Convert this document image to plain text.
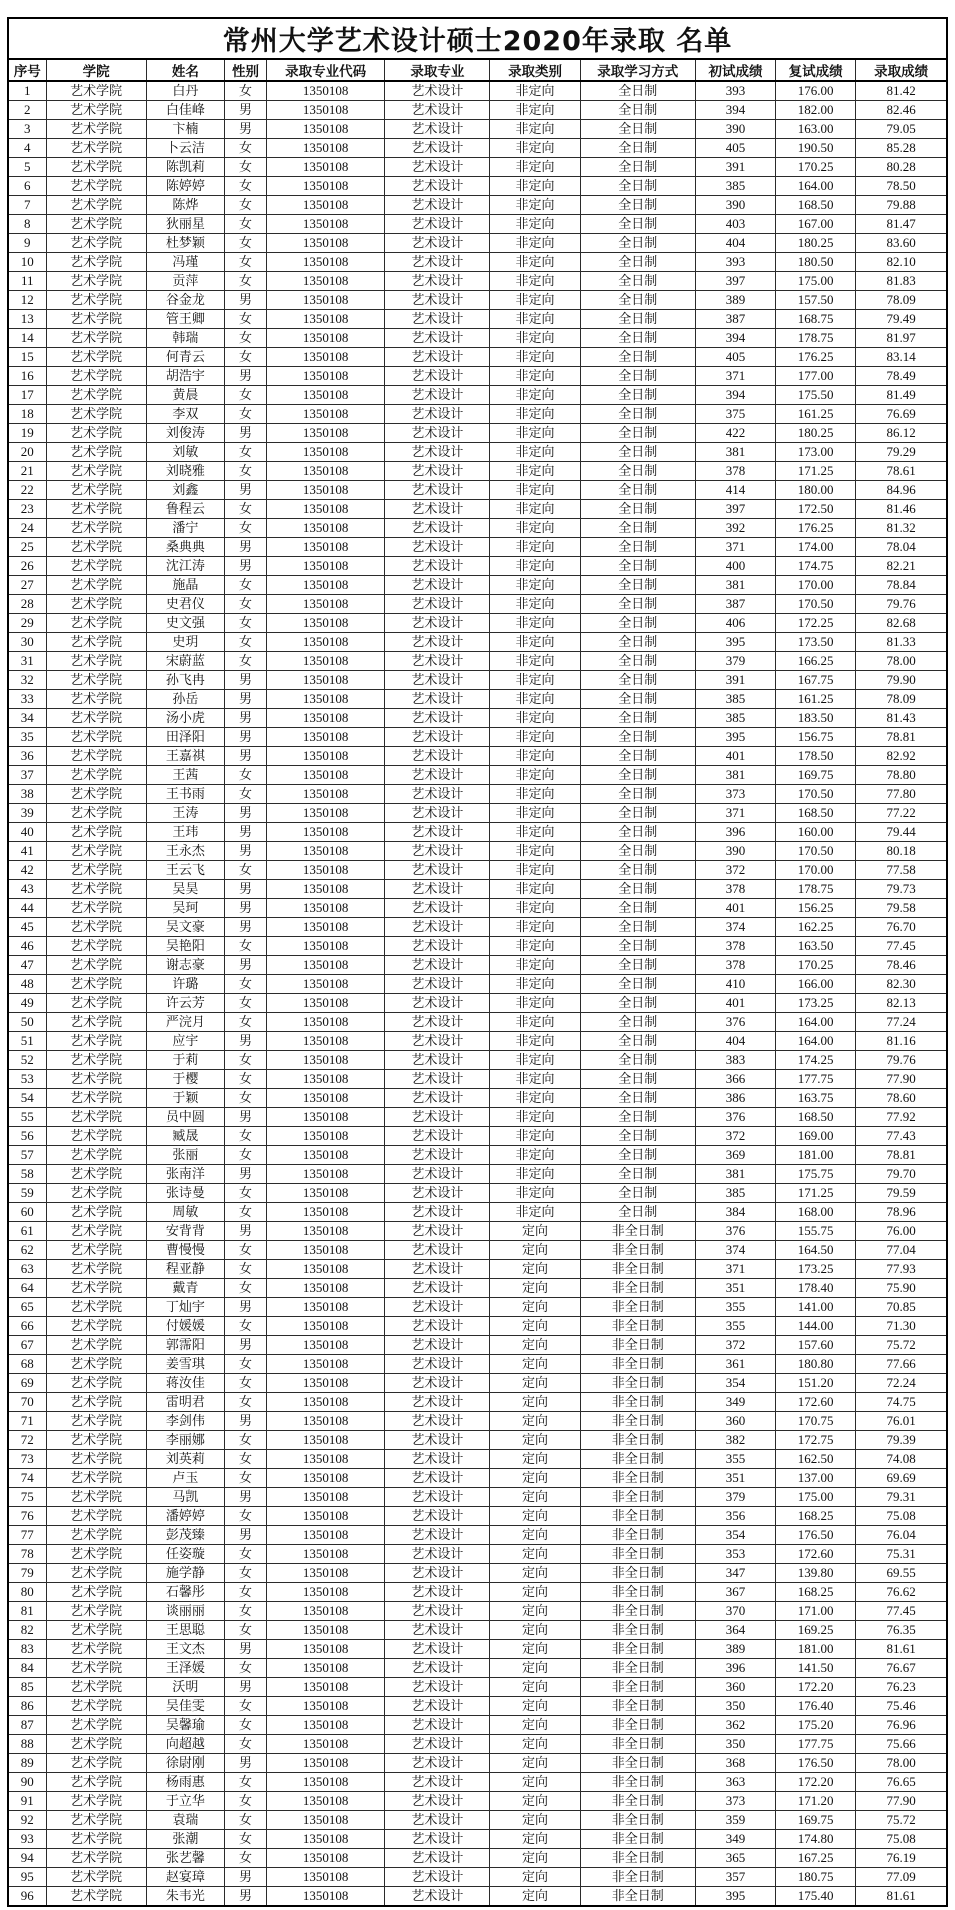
常州大学艺术设计硕士2020年录取 名单										
序号	学院	姓名	性别	录取专业代码	录取专业	录取类别	录取学习方式	初试成绩	复试成绩	录取成绩
1	艺术学院	白丹	女	1350108	艺术设计	非定向	全日制	393	176.00	81.42
2	艺术学院	白佳峰	男	1350108	艺术设计	非定向	全日制	394	182.00	82.46
3	艺术学院	卞楠	男	1350108	艺术设计	非定向	全日制	390	163.00	79.05
4	艺术学院	卜云洁	女	1350108	艺术设计	非定向	全日制	405	190.50	85.28
5	艺术学院	陈凯莉	女	1350108	艺术设计	非定向	全日制	391	170.25	80.28
6	艺术学院	陈婷婷	女	1350108	艺术设计	非定向	全日制	385	164.00	78.50
7	艺术学院	陈烨	女	1350108	艺术设计	非定向	全日制	390	168.50	79.88
8	艺术学院	狄丽星	女	1350108	艺术设计	非定向	全日制	403	167.00	81.47
9	艺术学院	杜梦颖	女	1350108	艺术设计	非定向	全日制	404	180.25	83.60
10	艺术学院	冯瑾	女	1350108	艺术设计	非定向	全日制	393	180.50	82.10
11	艺术学院	贡萍	女	1350108	艺术设计	非定向	全日制	397	175.00	81.83
12	艺术学院	谷金龙	男	1350108	艺术设计	非定向	全日制	389	157.50	78.09
13	艺术学院	管王卿	女	1350108	艺术设计	非定向	全日制	387	168.75	79.49
14	艺术学院	韩瑞	女	1350108	艺术设计	非定向	全日制	394	178.75	81.97
15	艺术学院	何青云	女	1350108	艺术设计	非定向	全日制	405	176.25	83.14
16	艺术学院	胡浩宇	男	1350108	艺术设计	非定向	全日制	371	177.00	78.49
17	艺术学院	黄晨	女	1350108	艺术设计	非定向	全日制	394	175.50	81.49
18	艺术学院	李双	女	1350108	艺术设计	非定向	全日制	375	161.25	76.69
19	艺术学院	刘俊涛	男	1350108	艺术设计	非定向	全日制	422	180.25	86.12
20	艺术学院	刘敏	女	1350108	艺术设计	非定向	全日制	381	173.00	79.29
21	艺术学院	刘晓雅	女	1350108	艺术设计	非定向	全日制	378	171.25	78.61
22	艺术学院	刘鑫	男	1350108	艺术设计	非定向	全日制	414	180.00	84.96
23	艺术学院	鲁程云	女	1350108	艺术设计	非定向	全日制	397	172.50	81.46
24	艺术学院	潘宁	女	1350108	艺术设计	非定向	全日制	392	176.25	81.32
25	艺术学院	桑典典	男	1350108	艺术设计	非定向	全日制	371	174.00	78.04
26	艺术学院	沈江涛	男	1350108	艺术设计	非定向	全日制	400	174.75	82.21
27	艺术学院	施晶	女	1350108	艺术设计	非定向	全日制	381	170.00	78.84
28	艺术学院	史君仪	女	1350108	艺术设计	非定向	全日制	387	170.50	79.76
29	艺术学院	史文强	女	1350108	艺术设计	非定向	全日制	406	172.25	82.68
30	艺术学院	史玥	女	1350108	艺术设计	非定向	全日制	395	173.50	81.33
31	艺术学院	宋蔚蓝	女	1350108	艺术设计	非定向	全日制	379	166.25	78.00
32	艺术学院	孙飞冉	男	1350108	艺术设计	非定向	全日制	391	167.75	79.90
33	艺术学院	孙岳	男	1350108	艺术设计	非定向	全日制	385	161.25	78.09
34	艺术学院	汤小虎	男	1350108	艺术设计	非定向	全日制	385	183.50	81.43
35	艺术学院	田泽阳	男	1350108	艺术设计	非定向	全日制	395	156.75	78.81
36	艺术学院	王嘉祺	男	1350108	艺术设计	非定向	全日制	401	178.50	82.92
37	艺术学院	王茜	女	1350108	艺术设计	非定向	全日制	381	169.75	78.80
38	艺术学院	王书雨	女	1350108	艺术设计	非定向	全日制	373	170.50	77.80
39	艺术学院	王涛	男	1350108	艺术设计	非定向	全日制	371	168.50	77.22
40	艺术学院	王玮	男	1350108	艺术设计	非定向	全日制	396	160.00	79.44
41	艺术学院	王永杰	男	1350108	艺术设计	非定向	全日制	390	170.50	80.18
42	艺术学院	王云飞	女	1350108	艺术设计	非定向	全日制	372	170.00	77.58
43	艺术学院	吴昊	男	1350108	艺术设计	非定向	全日制	378	178.75	79.73
44	艺术学院	吴珂	男	1350108	艺术设计	非定向	全日制	401	156.25	79.58
45	艺术学院	吴文豪	男	1350108	艺术设计	非定向	全日制	374	162.25	76.70
46	艺术学院	吴艳阳	女	1350108	艺术设计	非定向	全日制	378	163.50	77.45
47	艺术学院	谢志豪	男	1350108	艺术设计	非定向	全日制	378	170.25	78.46
48	艺术学院	许璐	女	1350108	艺术设计	非定向	全日制	410	166.00	82.30
49	艺术学院	许云芳	女	1350108	艺术设计	非定向	全日制	401	173.25	82.13
50	艺术学院	严浣月	女	1350108	艺术设计	非定向	全日制	376	164.00	77.24
51	艺术学院	应宇	男	1350108	艺术设计	非定向	全日制	404	164.00	81.16
52	艺术学院	于莉	女	1350108	艺术设计	非定向	全日制	383	174.25	79.76
53	艺术学院	于樱	女	1350108	艺术设计	非定向	全日制	366	177.75	77.90
54	艺术学院	于颖	女	1350108	艺术设计	非定向	全日制	386	163.75	78.60
55	艺术学院	员中圆	男	1350108	艺术设计	非定向	全日制	376	168.50	77.92
56	艺术学院	臧晟	女	1350108	艺术设计	非定向	全日制	372	169.00	77.43
57	艺术学院	张丽	女	1350108	艺术设计	非定向	全日制	369	181.00	78.81
58	艺术学院	张南洋	男	1350108	艺术设计	非定向	全日制	381	175.75	79.70
59	艺术学院	张诗曼	女	1350108	艺术设计	非定向	全日制	385	171.25	79.59
60	艺术学院	周敏	女	1350108	艺术设计	非定向	全日制	384	168.00	78.96
61	艺术学院	安背背	男	1350108	艺术设计	定向	非全日制	376	155.75	76.00
62	艺术学院	曹慢慢	女	1350108	艺术设计	定向	非全日制	374	164.50	77.04
63	艺术学院	程亚静	女	1350108	艺术设计	定向	非全日制	371	173.25	77.93
64	艺术学院	戴青	女	1350108	艺术设计	定向	非全日制	351	178.40	75.90
65	艺术学院	丁灿宇	男	1350108	艺术设计	定向	非全日制	355	141.00	70.85
66	艺术学院	付媛媛	女	1350108	艺术设计	定向	非全日制	355	144.00	71.30
67	艺术学院	郭霈阳	男	1350108	艺术设计	定向	非全日制	372	157.60	75.72
68	艺术学院	姜雪琪	女	1350108	艺术设计	定向	非全日制	361	180.80	77.66
69	艺术学院	蒋汝佳	女	1350108	艺术设计	定向	非全日制	354	151.20	72.24
70	艺术学院	雷明君	女	1350108	艺术设计	定向	非全日制	349	172.60	74.75
71	艺术学院	李剑伟	男	1350108	艺术设计	定向	非全日制	360	170.75	76.01
72	艺术学院	李丽娜	女	1350108	艺术设计	定向	非全日制	382	172.75	79.39
73	艺术学院	刘英莉	女	1350108	艺术设计	定向	非全日制	355	162.50	74.08
74	艺术学院	卢玉	女	1350108	艺术设计	定向	非全日制	351	137.00	69.69
75	艺术学院	马凯	男	1350108	艺术设计	定向	非全日制	379	175.00	79.31
76	艺术学院	潘婷婷	女	1350108	艺术设计	定向	非全日制	356	168.25	75.08
77	艺术学院	彭茂臻	男	1350108	艺术设计	定向	非全日制	354	176.50	76.04
78	艺术学院	任姿璇	女	1350108	艺术设计	定向	非全日制	353	172.60	75.31
79	艺术学院	施学静	女	1350108	艺术设计	定向	非全日制	347	139.80	69.55
80	艺术学院	石馨彤	女	1350108	艺术设计	定向	非全日制	367	168.25	76.62
81	艺术学院	谈丽丽	女	1350108	艺术设计	定向	非全日制	370	171.00	77.45
82	艺术学院	王思聪	女	1350108	艺术设计	定向	非全日制	364	169.25	76.35
83	艺术学院	王文杰	男	1350108	艺术设计	定向	非全日制	389	181.00	81.61
84	艺术学院	王泽媛	女	1350108	艺术设计	定向	非全日制	396	141.50	76.67
85	艺术学院	沃明	男	1350108	艺术设计	定向	非全日制	360	172.20	76.23
86	艺术学院	吴佳雯	女	1350108	艺术设计	定向	非全日制	350	176.40	75.46
87	艺术学院	吴馨瑜	女	1350108	艺术设计	定向	非全日制	362	175.20	76.96
88	艺术学院	向超越	女	1350108	艺术设计	定向	非全日制	350	177.75	75.66
89	艺术学院	徐尉刚	男	1350108	艺术设计	定向	非全日制	368	176.50	78.00
90	艺术学院	杨雨惠	女	1350108	艺术设计	定向	非全日制	363	172.20	76.65
91	艺术学院	于立华	女	1350108	艺术设计	定向	非全日制	373	171.20	77.90
92	艺术学院	袁瑞	女	1350108	艺术设计	定向	非全日制	359	169.75	75.72
93	艺术学院	张潮	女	1350108	艺术设计	定向	非全日制	349	174.80	75.08
94	艺术学院	张艺馨	女	1350108	艺术设计	定向	非全日制	365	167.25	76.19
95	艺术学院	赵宴璋	男	1350108	艺术设计	定向	非全日制	357	180.75	77.09
96	艺术学院	朱韦光	男	1350108	艺术设计	定向	非全日制	395	175.40	81.61
